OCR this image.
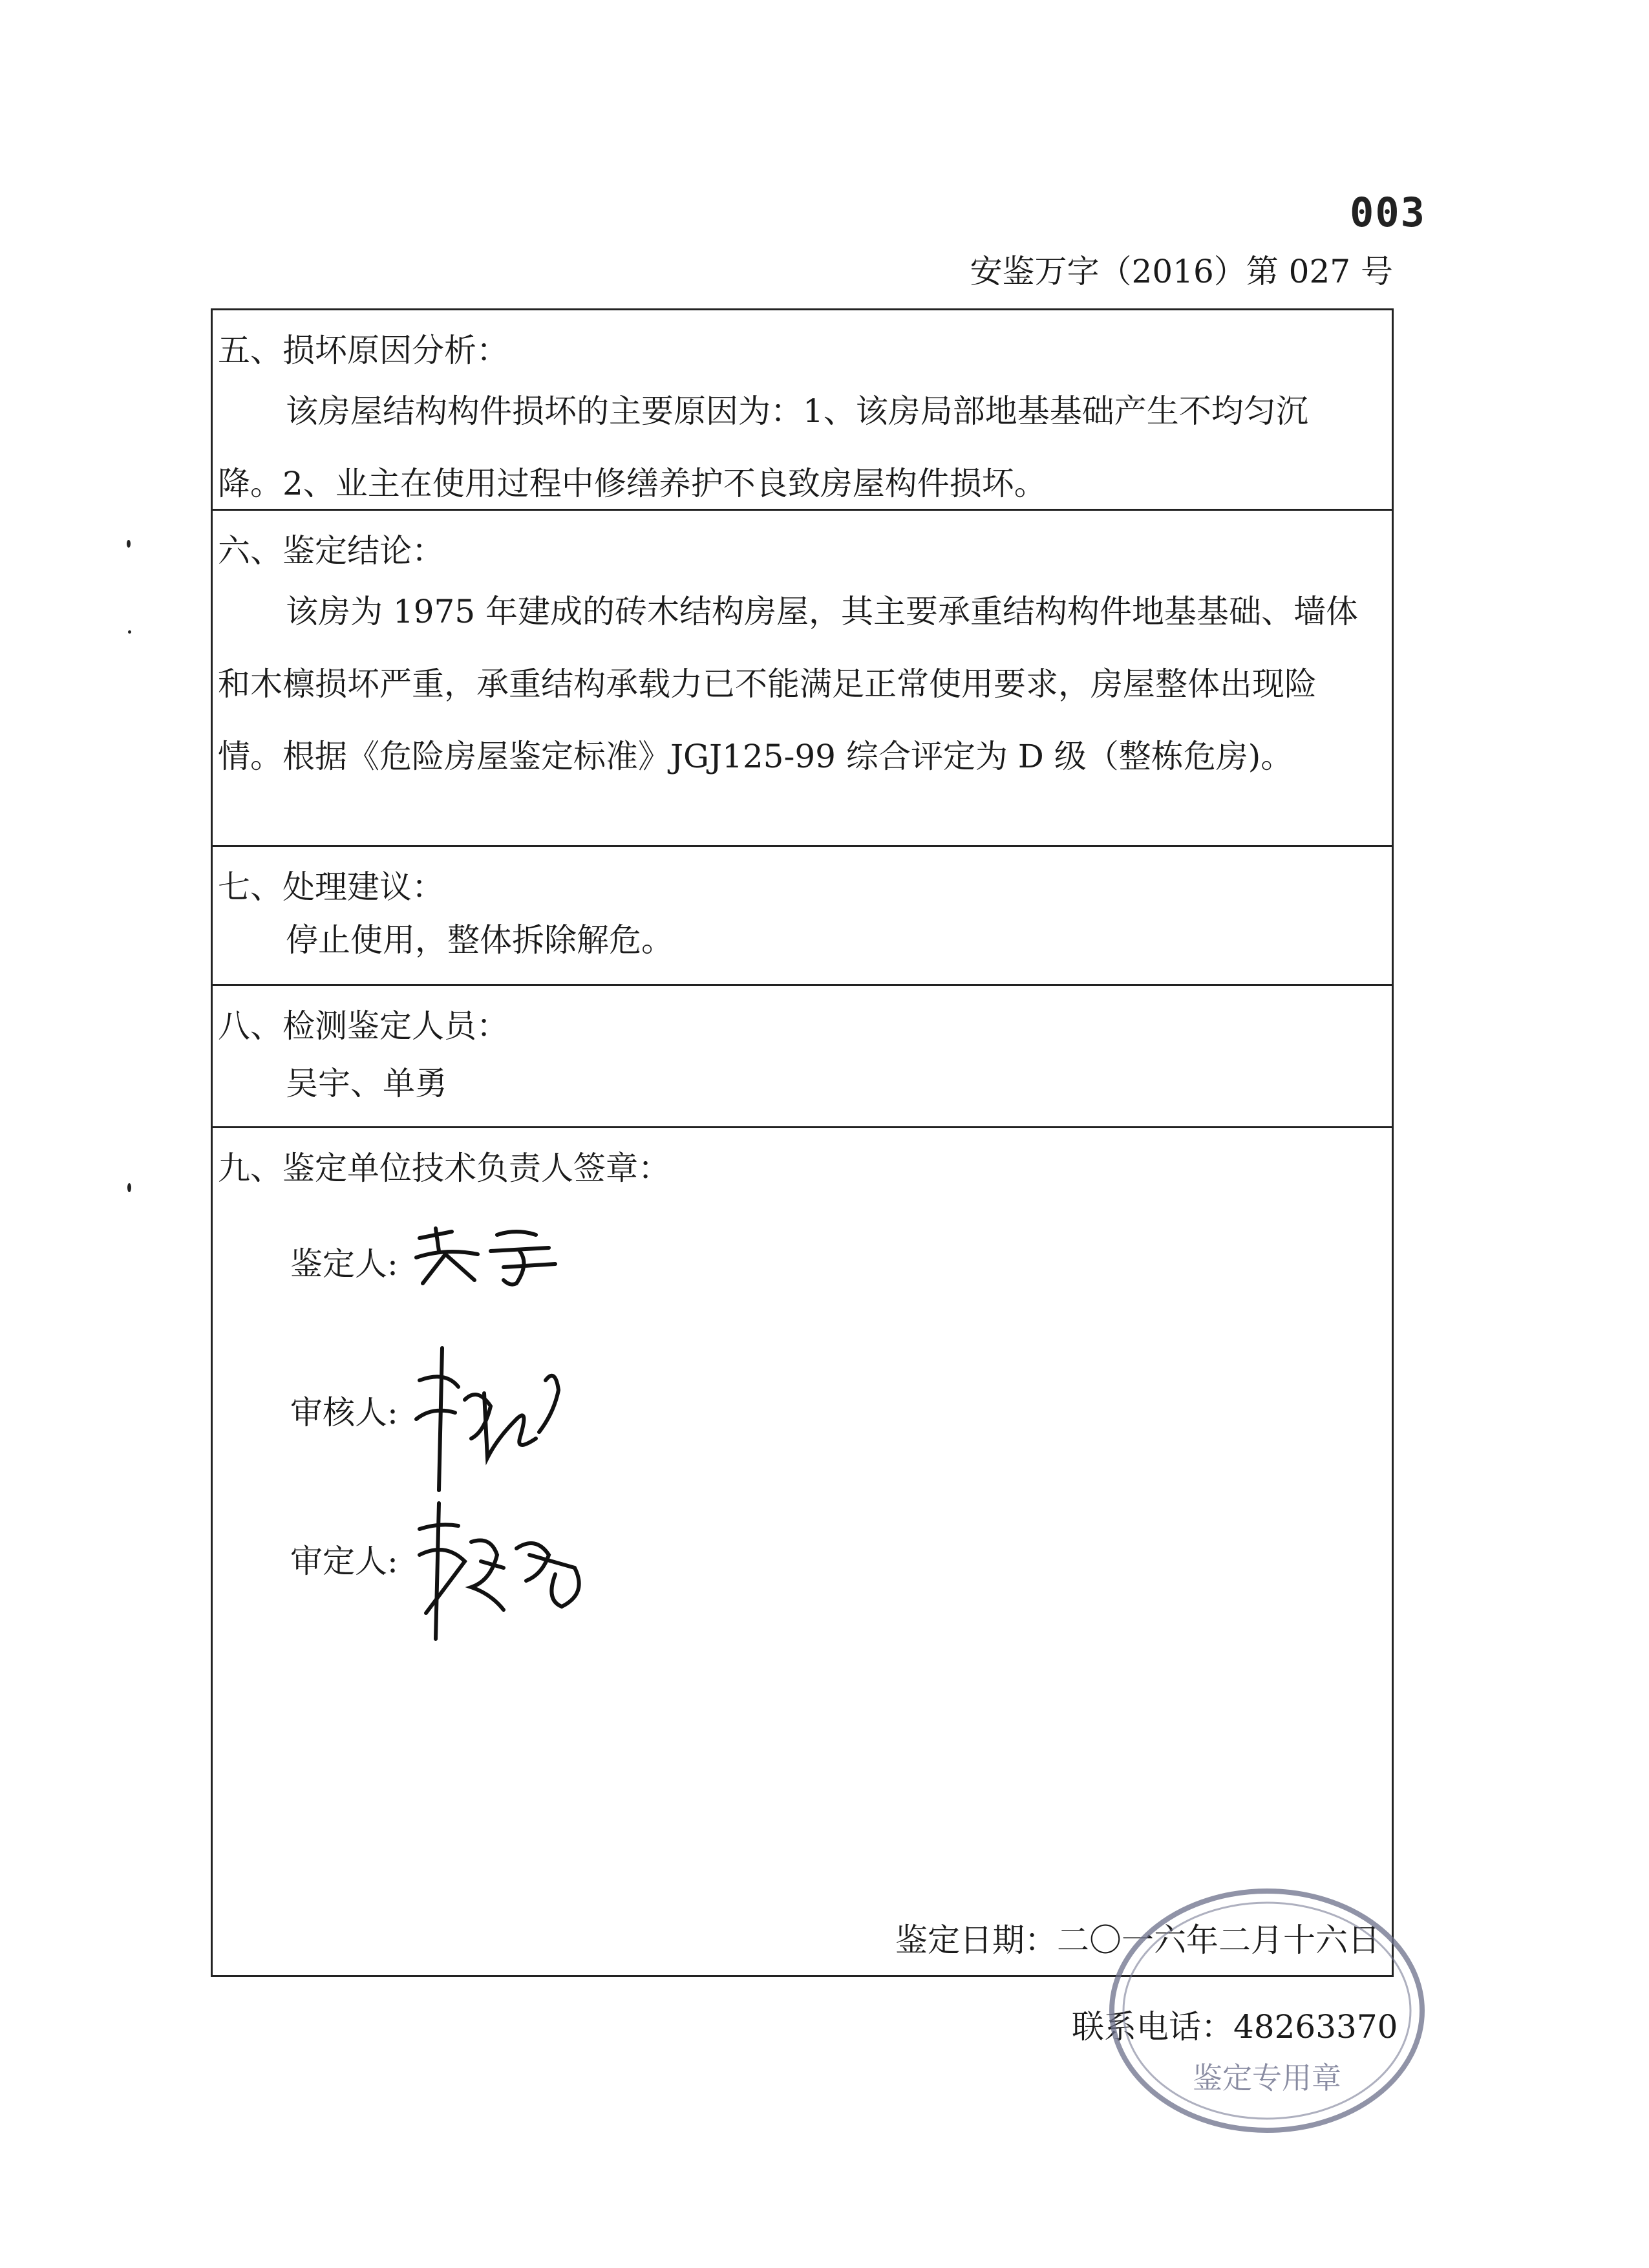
003
安鉴万字（2016）第 027 号
五、损坏原因分析：
该房屋结构构件损坏的主要原因为：1、该房局部地基基础产生不均匀沉降。2、业主在使用过程中修缮养护不良致房屋构件损坏。
六、鉴定结论：
该房为 1975 年建成的砖木结构房屋，其主要承重结构构件地基基础、墙体和木檩损坏严重，承重结构承载力已不能满足正常使用要求，房屋整体出现险情。根据《危险房屋鉴定标准》JGJ125-99 综合评定为 D 级（整栋危房)。
七、处理建议：
停止使用，整体拆除解危。
八、检测鉴定人员：
吴宇、单勇
九、鉴定单位技术负责人签章：
鉴定人:
审核人:
审定人:
鉴定日期：二〇一六年二月十六日
联系电话：48263370
鉴定专用章
